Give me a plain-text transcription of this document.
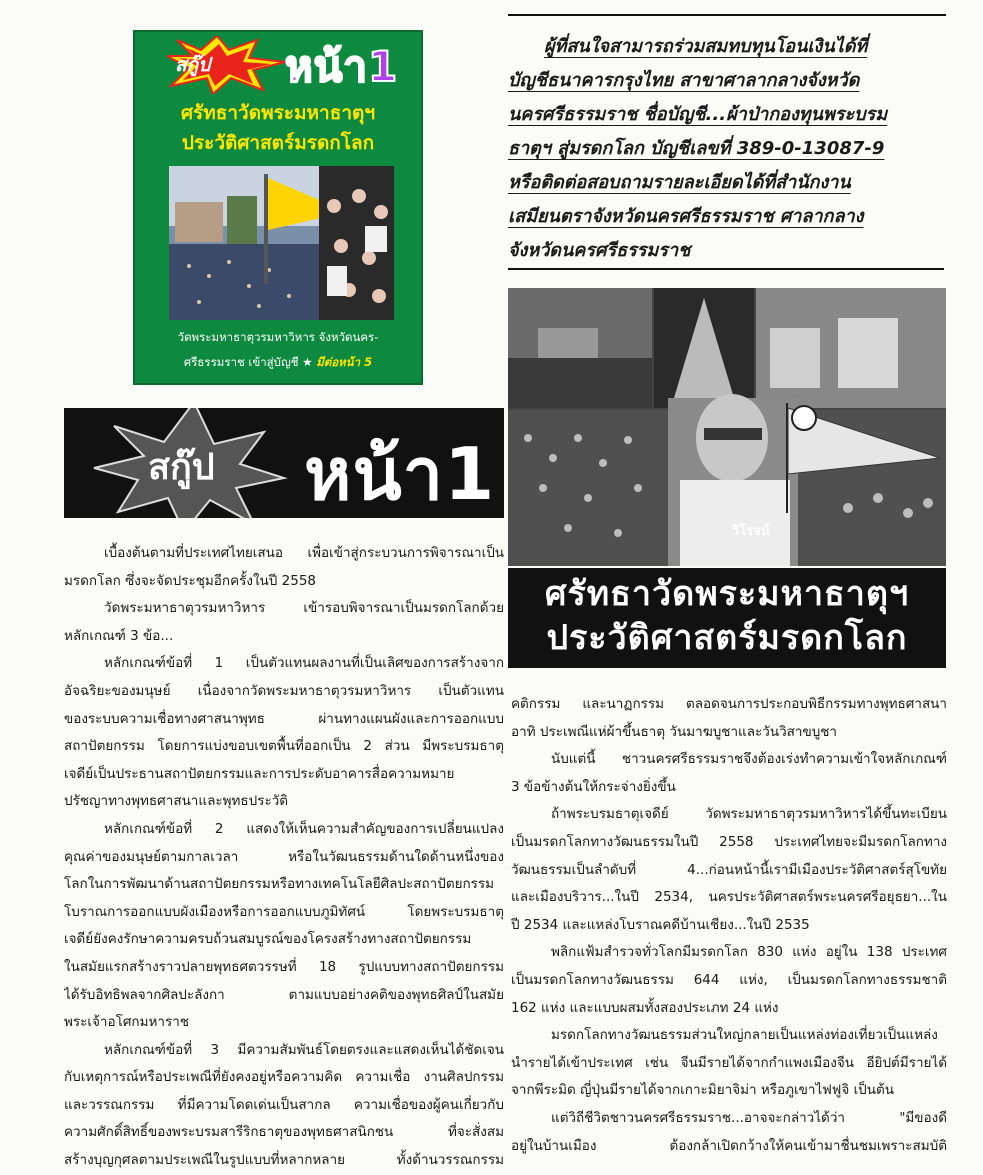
สกู๊ป หน้า1
ศรัทธาวัดพระมหาธาตุฯ
ประวัติศาสตร์มรดกโลก
วัดพระมหาธาตุวรมหาวิหาร จังหวัดนคร-
ศรีธรรมราช เข้าสู่บัญชี ★ มีต่อหน้า 5
ผู้ที่สนใจสามารถร่วมสมทบทุนโอนเงินได้ที่
บัญชีธนาคารกรุงไทย สาขาศาลากลางจังหวัด
นครศรีธรรมราช ชื่อบัญชี...ผ้าป่ากองทุนพระบรม
ธาตุฯ สู่มรดกโลก บัญชีเลขที่ 389-0-13087-9
หรือติดต่อสอบถามรายละเอียดได้ที่สำนักงาน
เสมียนตราจังหวัดนครศรีธรรมราช ศาลากลาง
จังหวัดนครศรีธรรมราช
สกู๊ป หน้า1
วิโรจน์
ศรัทธาวัดพระมหาธาตุฯ
ประวัติศาสตร์มรดกโลก
เบื้องต้นตามที่ประเทศไทยเสนอ เพื่อเข้าสู่กระบวนการพิจารณาเป็น
มรดกโลก ซึ่งจะจัดประชุมอีกครั้งในปี 2558
วัดพระมหาธาตุวรมหาวิหาร เข้ารอบพิจารณาเป็นมรดกโลกด้วย
หลักเกณฑ์ 3 ข้อ...
หลักเกณฑ์ข้อที่ 1 เป็นตัวแทนผลงานที่เป็นเลิศของการสร้างจาก
อัจฉริยะของมนุษย์ เนื่องจากวัดพระมหาธาตุวรมหาวิหาร เป็นตัวแทน
ของระบบความเชื่อทางศาสนาพุทธ ผ่านทางแผนผังและการออกแบบ
สถาปัตยกรรม โดยการแบ่งขอบเขตพื้นที่ออกเป็น 2 ส่วน มีพระบรมธาตุ
เจดีย์เป็นประธานสถาปัตยกรรมและการประดับอาคารสื่อความหมาย
ปรัชญาทางพุทธศาสนาและพุทธประวัติ
หลักเกณฑ์ข้อที่ 2 แสดงให้เห็นความสำคัญของการเปลี่ยนแปลง
คุณค่าของมนุษย์ตามกาลเวลา หรือในวัฒนธรรมด้านใดด้านหนึ่งของ
โลกในการพัฒนาด้านสถาปัตยกรรมหรือทางเทคโนโลยีศิลปะสถาปัตยกรรม
โบราณการออกแบบผังเมืองหรือการออกแบบภูมิทัศน์ โดยพระบรมธาตุ
เจดีย์ยังคงรักษาความครบถ้วนสมบูรณ์ของโครงสร้างทางสถาปัตยกรรม
ในสมัยแรกสร้างราวปลายพุทธศตวรรษที่ 18 รูปแบบทางสถาปัตยกรรม
ได้รับอิทธิพลจากศิลปะลังกา ตามแบบอย่างคติของพุทธศิลป์ในสมัย
พระเจ้าอโศกมหาราช
หลักเกณฑ์ข้อที่ 3 มีความสัมพันธ์โดยตรงและแสดงเห็นได้ชัดเจน
กับเหตุการณ์หรือประเพณีที่ยังคงอยู่หรือความคิด ความเชื่อ งานศิลปกรรม
และวรรณกรรม ที่มีความโดดเด่นเป็นสากล ความเชื่อของผู้คนเกี่ยวกับ
ความศักดิ์สิทธิ์ของพระบรมสารีริกธาตุของพุทธศาสนิกชน ที่จะสั่งสม
สร้างบุญกุศลตามประเพณีในรูปแบบที่หลากหลาย ทั้งด้านวรรณกรรม
คติกรรม และนาฏกรรม ตลอดจนการประกอบพิธีกรรมทางพุทธศาสนา
อาทิ ประเพณีแห่ผ้าขึ้นธาตุ วันมาฆบูชาและวันวิสาขบูชา
นับแต่นี้ ชาวนครศรีธรรมราชจึงต้องเร่งทำความเข้าใจหลักเกณฑ์
3 ข้อข้างต้นให้กระจ่างยิ่งขึ้น
ถ้าพระบรมธาตุเจดีย์ วัดพระมหาธาตุวรมหาวิหารได้ขึ้นทะเบียน
เป็นมรดกโลกทางวัฒนธรรมในปี 2558 ประเทศไทยจะมีมรดกโลกทาง
วัฒนธรรมเป็นลำดับที่ 4...ก่อนหน้านี้เรามีเมืองประวัติศาสตร์สุโขทัย
และเมืองบริวาร...ในปี 2534, นครประวัติศาสตร์พระนครศรีอยุธยา...ใน
ปี 2534 และแหล่งโบราณคดีบ้านเชียง...ในปี 2535
พลิกแฟ้มสำรวจทั่วโลกมีมรดกโลก 830 แห่ง อยู่ใน 138 ประเทศ
เป็นมรดกโลกทางวัฒนธรรม 644 แห่ง, เป็นมรดกโลกทางธรรมชาติ
162 แห่ง และแบบผสมทั้งสองประเภท 24 แห่ง
มรดกโลกทางวัฒนธรรมส่วนใหญ่กลายเป็นแหล่งท่องเที่ยวเป็นแหล่ง
นำรายได้เข้าประเทศ เช่น จีนมีรายได้จากกำแพงเมืองจีน อียิปต์มีรายได้
จากพีระมิด ญี่ปุ่นมีรายได้จากเกาะมิยาจิม่า หรือภูเขาไฟฟูจิ เป็นต้น
แต่วิถีชีวิตชาวนครศรีธรรมราช...อาจจะกล่าวได้ว่า "มีของดี
อยู่ในบ้านเมือง ต้องกล้าเปิดกว้างให้คนเข้ามาชื่นชมเพราะสมบัติ
